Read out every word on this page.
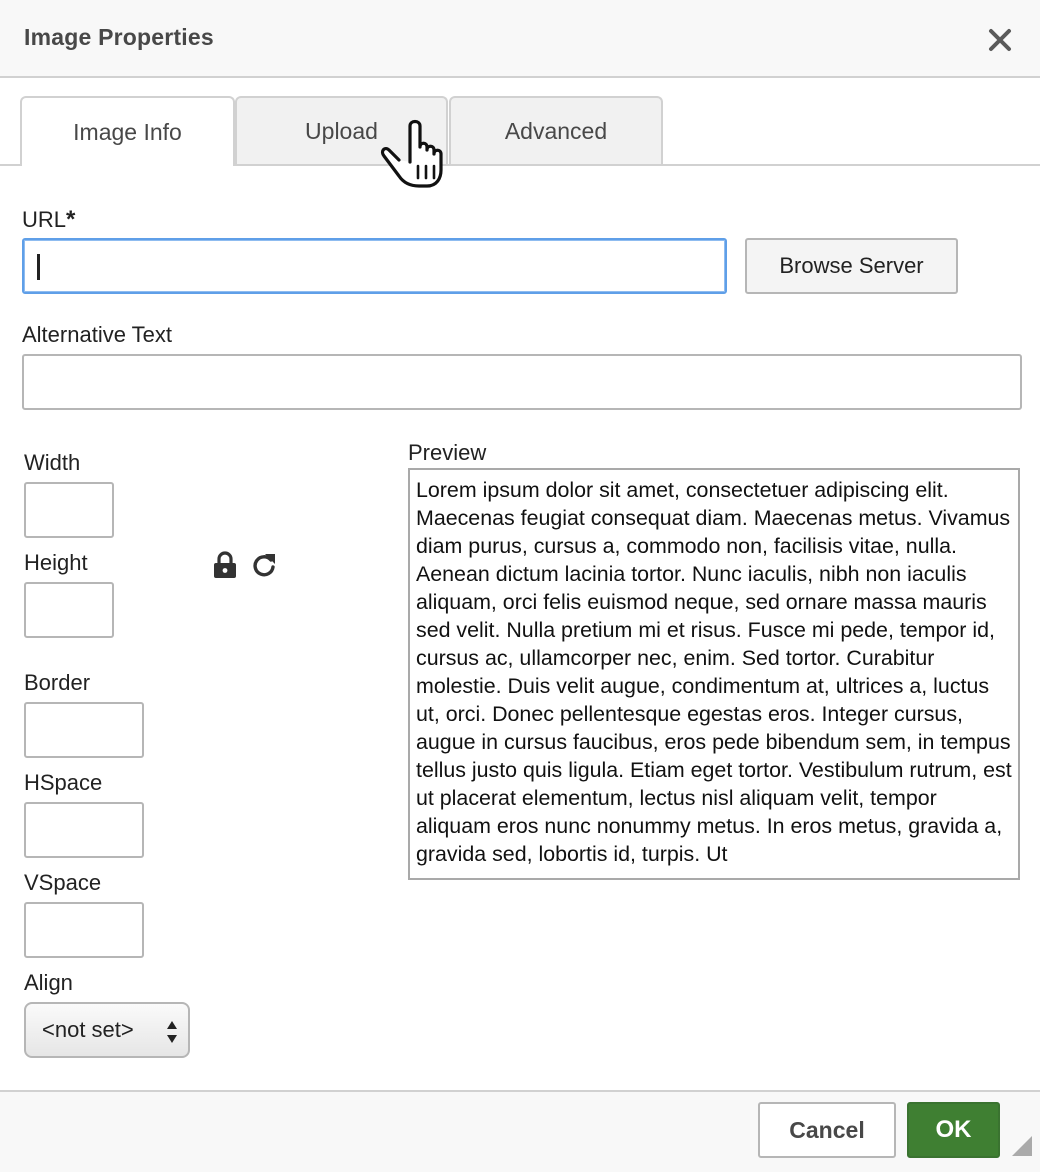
Image Properties
Image Info	Upload	Advanced
URL*
Browse Server
Alternative Text
Width
Height
Border
HSpace
VSpace
Align
<not set>
Preview
Lorem ipsum dolor sit amet, consectetuer adipiscing elit. Maecenas feugiat consequat diam. Maecenas metus. Vivamus diam purus, cursus a, commodo non, facilisis vitae, nulla. Aenean dictum lacinia tortor. Nunc iaculis, nibh non iaculis aliquam, orci felis euismod neque, sed ornare massa mauris sed velit. Nulla pretium mi et risus. Fusce mi pede, tempor id, cursus ac, ullamcorper nec, enim. Sed tortor. Curabitur molestie. Duis velit augue, condimentum at, ultrices a, luctus ut, orci. Donec pellentesque egestas eros. Integer cursus, augue in cursus faucibus, eros pede bibendum sem, in tempus tellus justo quis ligula. Etiam eget tortor. Vestibulum rutrum, est ut placerat elementum, lectus nisl aliquam velit, tempor aliquam eros nunc nonummy metus. In eros metus, gravida a, gravida sed, lobortis id, turpis. Ut
Cancel	OK
